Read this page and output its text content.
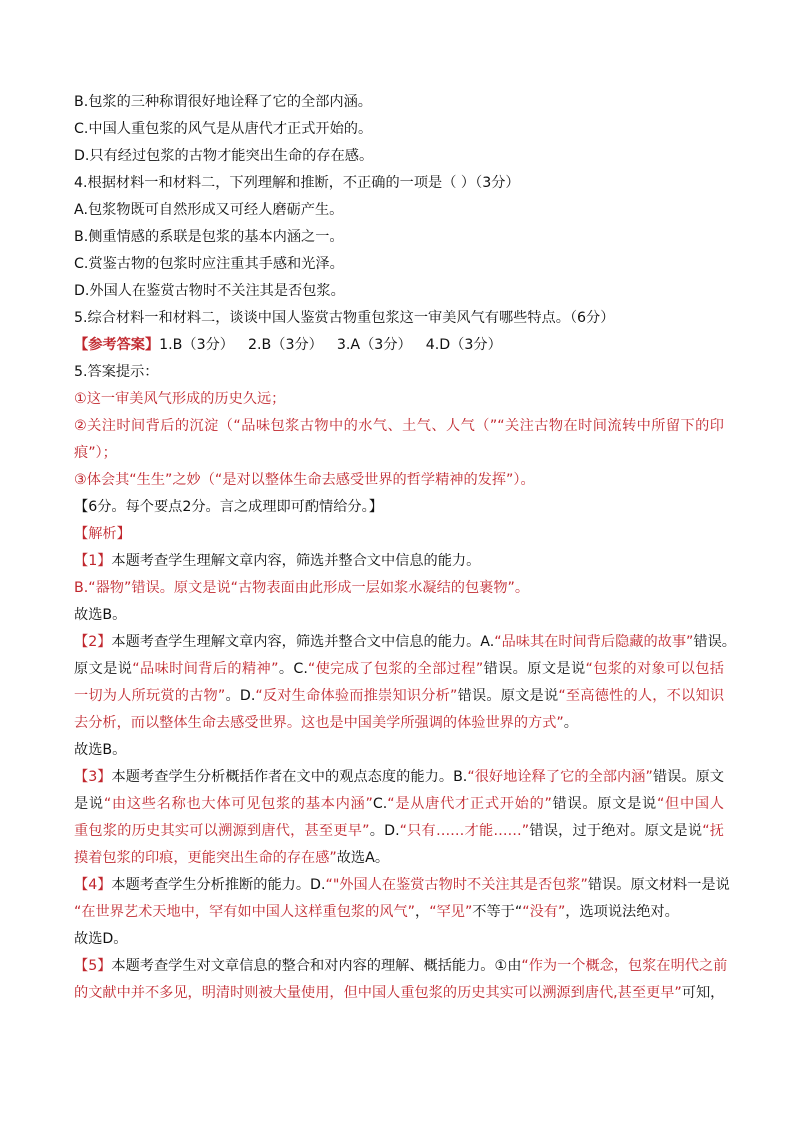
B.包浆的三种称谓很好地诠释了它的全部内涵。
C.中国人重包浆的风气是从唐代才正式开始的。
D.只有经过包浆的古物才能突出生命的存在感。
4.根据材料一和材料二，下列理解和推断，不正确的一项是（ ）（3分）
A.包浆物既可自然形成又可经人磨砺产生。
B.侧重情感的系联是包浆的基本内涵之一。
C.赏鉴古物的包浆时应注重其手感和光泽。
D.外国人在鉴赏古物时不关注其是否包浆。
5.综合材料一和材料二，谈谈中国人鉴赏古物重包浆这一审美风气有哪些特点。（6分）
【参考答案】1.B（3分） 2.B（3分） 3.A（3分） 4.D（3分）
5.答案提示：
①这一审美风气形成的历史久远；
②关注时间背后的沉淀（“品味包浆古物中的水气、土气、人气（”“关注古物在时间流转中所留下的印
痕”）；
③体会其“生生”之妙（“是对以整体生命去感受世界的哲学精神的发挥”）。
【6分。每个要点2分。言之成理即可酌情给分。】
【解析】
【1】本题考查学生理解文章内容，筛选并整合文中信息的能力。
B.“器物”错误。原文是说“古物表面由此形成一层如浆水凝结的包裹物”。
故选B。
【2】本题考查学生理解文章内容，筛选并整合文中信息的能力。A.“品味其在时间背后隐藏的故事”错误。
原文是说“品味时间背后的精神”。C.“使完成了包浆的全部过程”错误。原文是说“包浆的对象可以包括
一切为人所玩赏的古物”。D.“反对生命体验而推崇知识分析”错误。原文是说“至高德性的人，不以知识
去分析，而以整体生命去感受世界。这也是中国美学所强调的体验世界的方式”。
故选B。
【3】本题考查学生分析概括作者在文中的观点态度的能力。B.“很好地诠释了它的全部内涵”错误。原文
是说“由这些名称也大体可见包浆的基本内涵”C.“是从唐代才正式开始的”错误。原文是说“但中国人
重包浆的历史其实可以溯源到唐代，甚至更早”。D.“只有……才能……”错误，过于绝对。原文是说“抚
摸着包浆的印痕，更能突出生命的存在感”故选A。
【4】本题考查学生分析推断的能力。D.“"外国人在鉴赏古物时不关注其是否包浆”错误。原文材料一是说
“在世界艺术天地中，罕有如中国人这样重包浆的风气”，“罕见”不等于““没有”，选项说法绝对。
故选D。
【5】本题考查学生对文章信息的整合和对内容的理解、概括能力。①由“作为一个概念，包浆在明代之前
的文献中并不多见，明清时则被大量使用，但中国人重包浆的历史其实可以溯源到唐代,甚至更早”可知，
